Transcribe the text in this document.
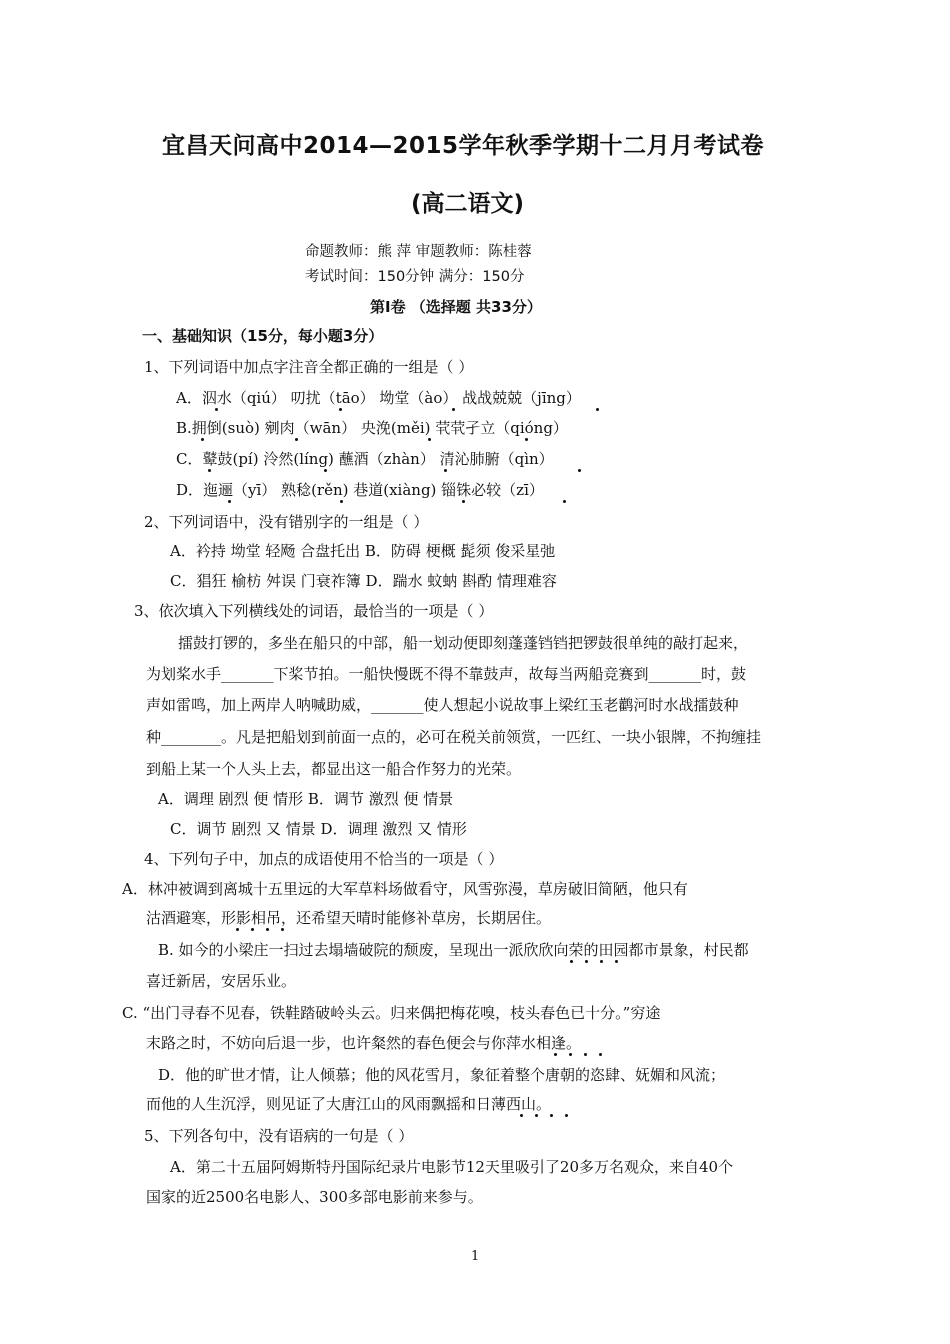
宜昌天问高中2014—2015学年秋季学期十二月月考试卷
(高二语文)
命题教师：熊 萍 审题教师：陈桂蓉
考试时间：150分钟 满分：150分
第Ⅰ卷 （选择题 共33分）
一、基础知识（15分，每小题3分）
1、下列词语中加点字注音全都正确的一组是（ ）
A．泅水（qiú） 叨扰（tāo） 坳堂（ào） 战战兢兢（jīng）
B.拥倒(suò) 剜肉（wān） 央浼(měi) 茕茕孑立（qióng）
C．鼙鼓(pí) 泠然(líng) 蘸酒（zhàn） 清沁肺腑（qìn）
D．迤逦（yī） 熟稔(rěn) 巷道(xiàng) 锱铢必较（zī）
2、下列词语中，没有错别字的一组是（ ）
A．衿持 坳堂 轻飏 合盘托出 B．防碍 梗概 髭须 俊采星弛
C．猖狂 榆枋 舛误 门衰祚簿 D．踹水 蚊蚋 斟酌 情理难容
3、依次填入下列横线处的词语，最恰当的一项是（ ）
擂鼓打锣的，多坐在船只的中部，船一划动便即刻蓬蓬铛铛把锣鼓很单纯的敲打起来，
为划桨水手_______下桨节拍。一船快慢既不得不靠鼓声，故每当两船竞赛到_______时，鼓
声如雷鸣，加上两岸人呐喊助威，_______使人想起小说故事上梁红玉老鹳河时水战擂鼓种
种________。凡是把船划到前面一点的，必可在税关前领赏，一匹红、一块小银牌，不拘缠挂
到船上某一个人头上去，都显出这一船合作努力的光荣。
A．调理 剧烈 便 情形 B．调节 激烈 便 情景
C．调节 剧烈 又 情景 D．调理 激烈 又 情形
4、下列句子中，加点的成语使用不恰当的一项是（ ）
A．林冲被调到离城十五里远的大军草料场做看守，风雪弥漫，草房破旧简陋，他只有
沽酒避寒，形影相吊，还希望天晴时能修补草房，长期居住。
B. 如今的小梁庄一扫过去塌墙破院的颓废，呈现出一派欣欣向荣的田园都市景象，村民都
喜迁新居，安居乐业。
C. “出门寻春不见春，铁鞋踏破岭头云。归来偶把梅花嗅，枝头春色已十分。”穷途
末路之时，不妨向后退一步，也许粲然的春色便会与你萍水相逢。
D．他的旷世才情，让人倾慕；他的风花雪月，象征着整个唐朝的恣肆、妩媚和风流；
而他的人生沉浮，则见证了大唐江山的风雨飘摇和日薄西山。
5、下列各句中，没有语病的一句是（ ）
A．第二十五届阿姆斯特丹国际纪录片电影节12天里吸引了20多万名观众，来自40个
国家的近2500名电影人、300多部电影前来参与。
1
